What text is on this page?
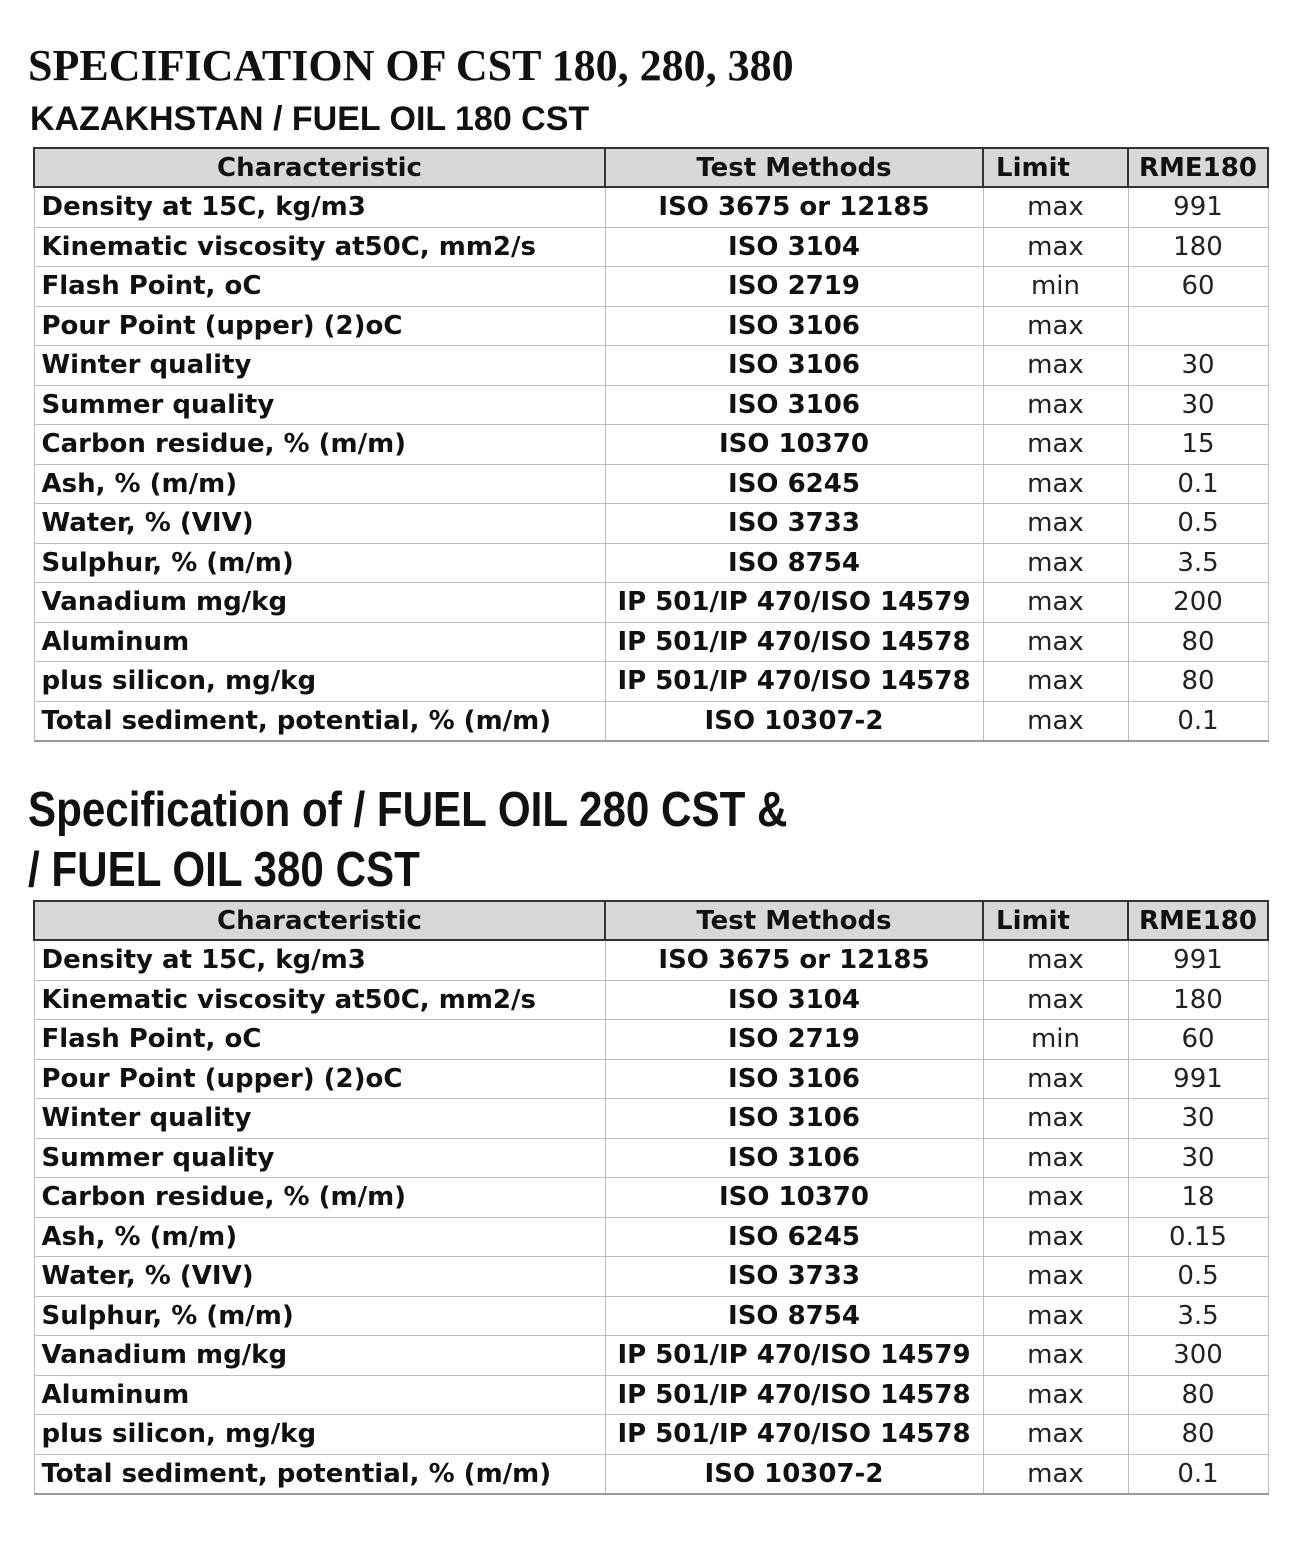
SPECIFICATION OF CST 180, 280, 380
KAZAKHSTAN / FUEL OIL 180 CST
Characteristic	Test Methods	Limit	RME180
Density at 15C, kg/m3	ISO 3675 or 12185	max	991
Kinematic viscosity at50C, mm2/s	ISO 3104	max	180
Flash Point, oC	ISO 2719	min	60
Pour Point (upper) (2)oC	ISO 3106	max	
Winter quality	ISO 3106	max	30
Summer quality	ISO 3106	max	30
Carbon residue, % (m/m)	ISO 10370	max	15
Ash, % (m/m)	ISO 6245	max	0.1
Water, % (VIV)	ISO 3733	max	0.5
Sulphur, % (m/m)	ISO 8754	max	3.5
Vanadium mg/kg	IP 501/IP 470/ISO 14579	max	200
Aluminum	IP 501/IP 470/ISO 14578	max	80
plus silicon, mg/kg	IP 501/IP 470/ISO 14578	max	80
Total sediment, potential, % (m/m)	ISO 10307-2	max	0.1
Specification of / FUEL OIL 280 CST &
/ FUEL OIL 380 CST
Characteristic	Test Methods	Limit	RME180
Density at 15C, kg/m3	ISO 3675 or 12185	max	991
Kinematic viscosity at50C, mm2/s	ISO 3104	max	180
Flash Point, oC	ISO 2719	min	60
Pour Point (upper) (2)oC	ISO 3106	max	991
Winter quality	ISO 3106	max	30
Summer quality	ISO 3106	max	30
Carbon residue, % (m/m)	ISO 10370	max	18
Ash, % (m/m)	ISO 6245	max	0.15
Water, % (VIV)	ISO 3733	max	0.5
Sulphur, % (m/m)	ISO 8754	max	3.5
Vanadium mg/kg	IP 501/IP 470/ISO 14579	max	300
Aluminum	IP 501/IP 470/ISO 14578	max	80
plus silicon, mg/kg	IP 501/IP 470/ISO 14578	max	80
Total sediment, potential, % (m/m)	ISO 10307-2	max	0.1
